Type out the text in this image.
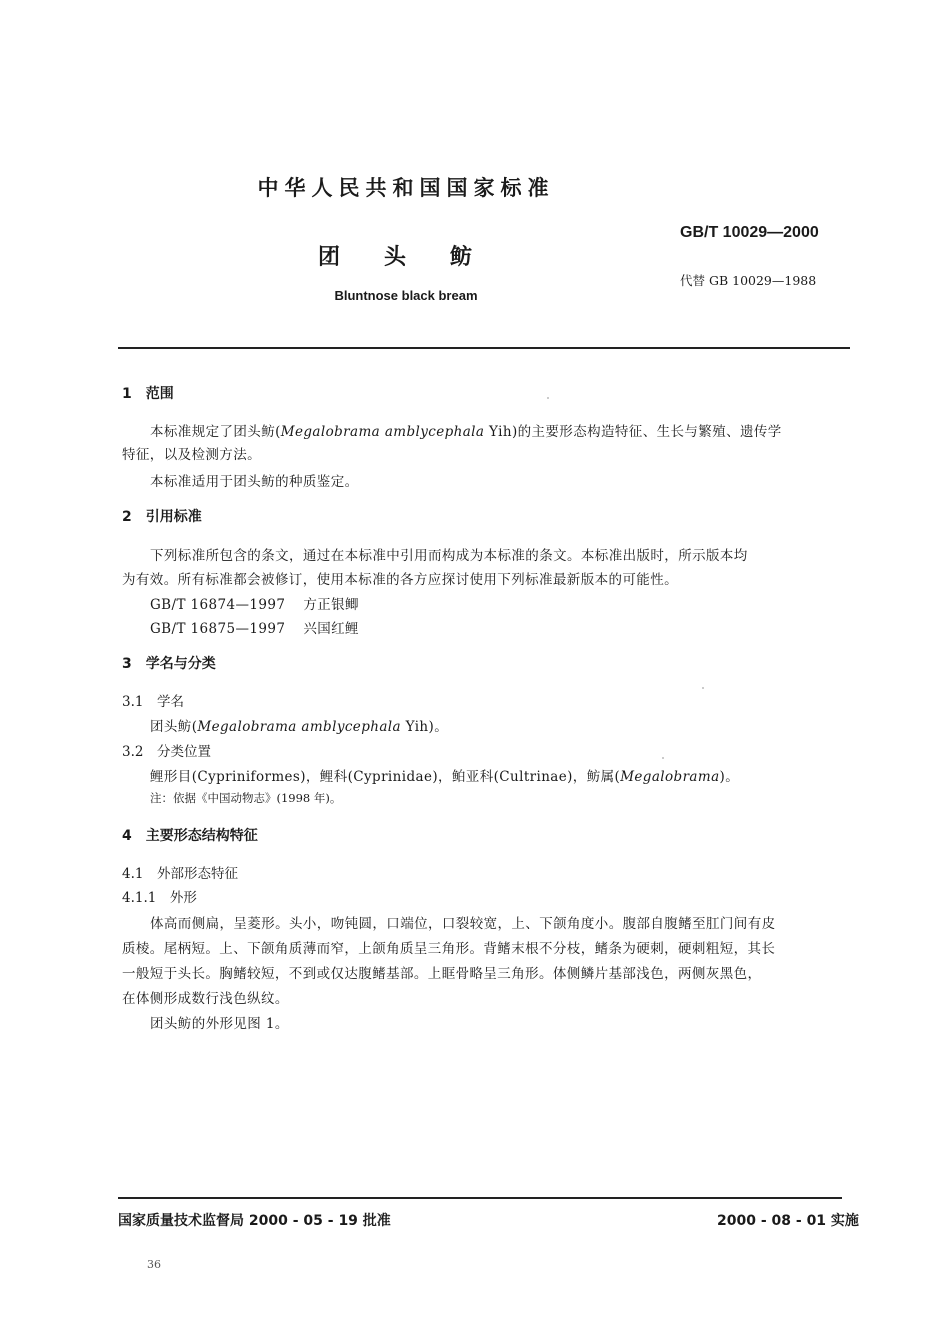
中华人民共和国国家标准
GB/T 10029—2000
团头鲂
代替 GB 10029—1988
Bluntnose black bream
1　范围
本标准规定了团头鲂(Megalobrama amblycephala Yih)的主要形态构造特征、生长与繁殖、遗传学
特征，以及检测方法。
本标准适用于团头鲂的种质鉴定。
2　引用标准
下列标准所包含的条文，通过在本标准中引用而构成为本标准的条文。本标准出版时，所示版本均
为有效。所有标准都会被修订，使用本标准的各方应探讨使用下列标准最新版本的可能性。
GB/T 16874—1997 方正银鲫
GB/T 16875—1997 兴国红鲤
3　学名与分类
3.1　学名
团头鲂(Megalobrama amblycephala Yih)。
3.2　分类位置
鲤形目(Cypriniformes)，鲤科(Cyprinidae)，鲌亚科(Cultrinae)，鲂属(Megalobrama)。
注：依据《中国动物志》(1998 年)。
4　主要形态结构特征
4.1　外部形态特征
4.1.1　外形
体高而侧扁，呈菱形。头小，吻钝圆，口端位，口裂较宽，上、下颌角度小。腹部自腹鳍至肛门间有皮
质棱。尾柄短。上、下颌角质薄而窄，上颌角质呈三角形。背鳍末根不分枝，鳍条为硬刺，硬刺粗短，其长
一般短于头长。胸鳍较短，不到或仅达腹鳍基部。上眶骨略呈三角形。体侧鳞片基部浅色，两侧灰黑色，
在体侧形成数行浅色纵纹。
团头鲂的外形见图 1。
国家质量技术监督局 2000 - 05 - 19 批准	2000 - 08 - 01 实施
36
